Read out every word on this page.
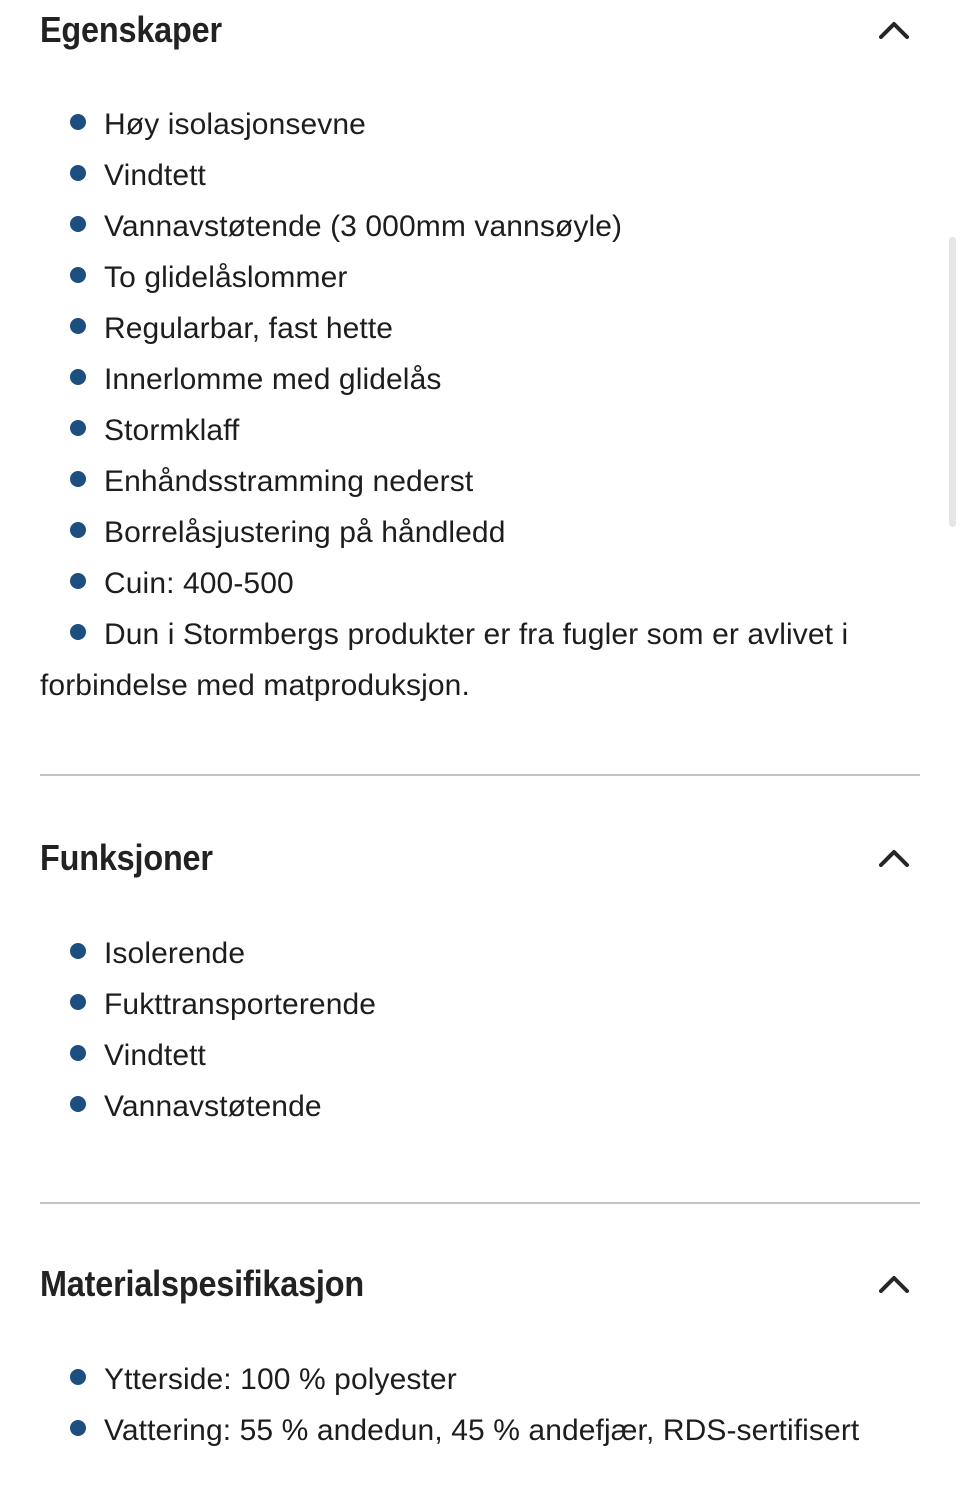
Egenskaper
Høy isolasjonsevne
Vindtett
Vannavstøtende (3 000mm vannsøyle)
To glidelåslommer
Regularbar, fast hette
Innerlomme med glidelås
Stormklaff
Enhåndsstramming nederst
Borrelåsjustering på håndledd
Cuin: 400-500
Dun i Stormbergs produkter er fra fugler som er avlivet i forbindelse med matproduksjon.
Funksjoner
Isolerende
Fukttransporterende
Vindtett
Vannavstøtende
Materialspesifikasjon
Ytterside: 100 % polyester
Vattering: 55 % andedun, 45 % andefjær, RDS-sertifisert
